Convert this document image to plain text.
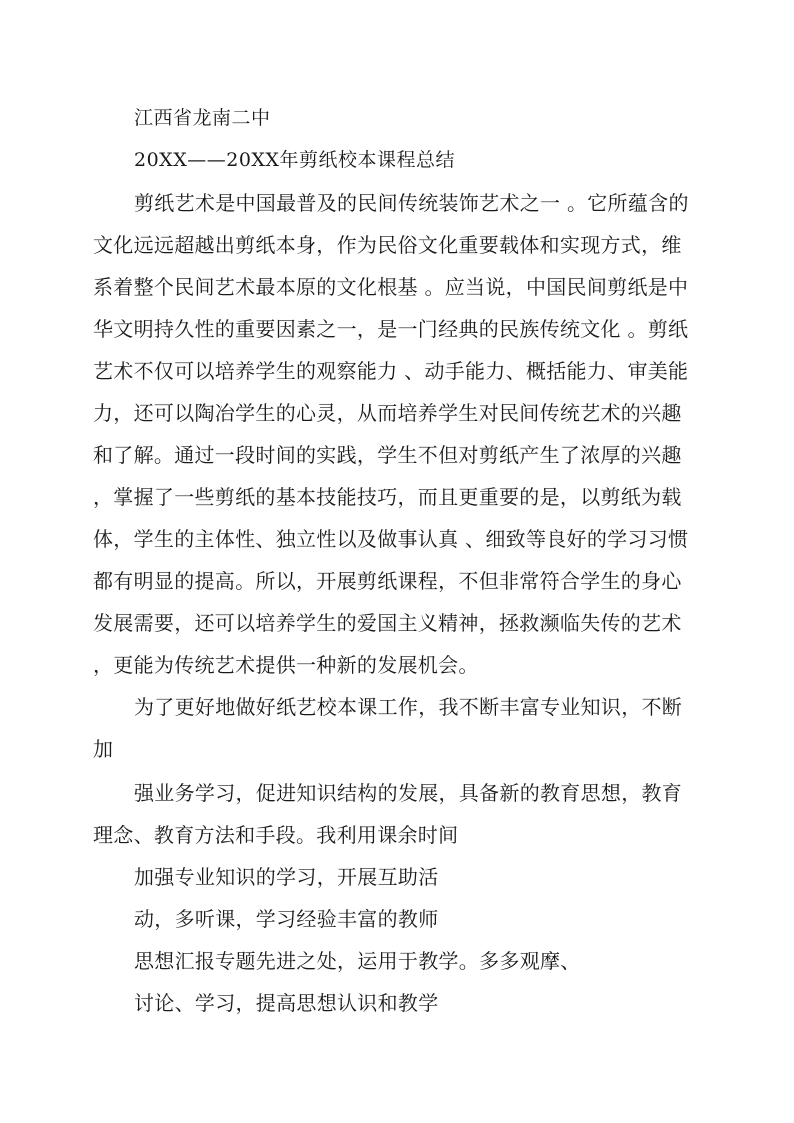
江西省龙南二中

20XX——20XX年剪纸校本课程总结

剪纸艺术是中国最普及的民间传统装饰艺术之一 。它所蕴含的

文化远远超越出剪纸本身，作为民俗文化重要载体和实现方式，维

系着整个民间艺术最本原的文化根基 。应当说，中国民间剪纸是中

华文明持久性的重要因素之一，是一门经典的民族传统文化 。剪纸

艺术不仅可以培养学生的观察能力 、动手能力、概括能力、审美能

力，还可以陶冶学生的心灵，从而培养学生对民间传统艺术的兴趣

和了解。通过一段时间的实践，学生不但对剪纸产生了浓厚的兴趣

，掌握了一些剪纸的基本技能技巧，而且更重要的是，以剪纸为载

体，学生的主体性、独立性以及做事认真 、细致等良好的学习习惯

都有明显的提高。所以，开展剪纸课程，不但非常符合学生的身心

发展需要，还可以培养学生的爱国主义精神，拯救濒临失传的艺术

，更能为传统艺术提供一种新的发展机会。

为了更好地做好纸艺校本课工作，我不断丰富专业知识，不断

加

强业务学习，促进知识结构的发展，具备新的教育思想，教育

理念、教育方法和手段。我利用课余时间

加强专业知识的学习，开展互助活

动，多听课，学习经验丰富的教师

思想汇报专题先进之处，运用于教学。多多观摩、

讨论、学习，提高思想认识和教学
